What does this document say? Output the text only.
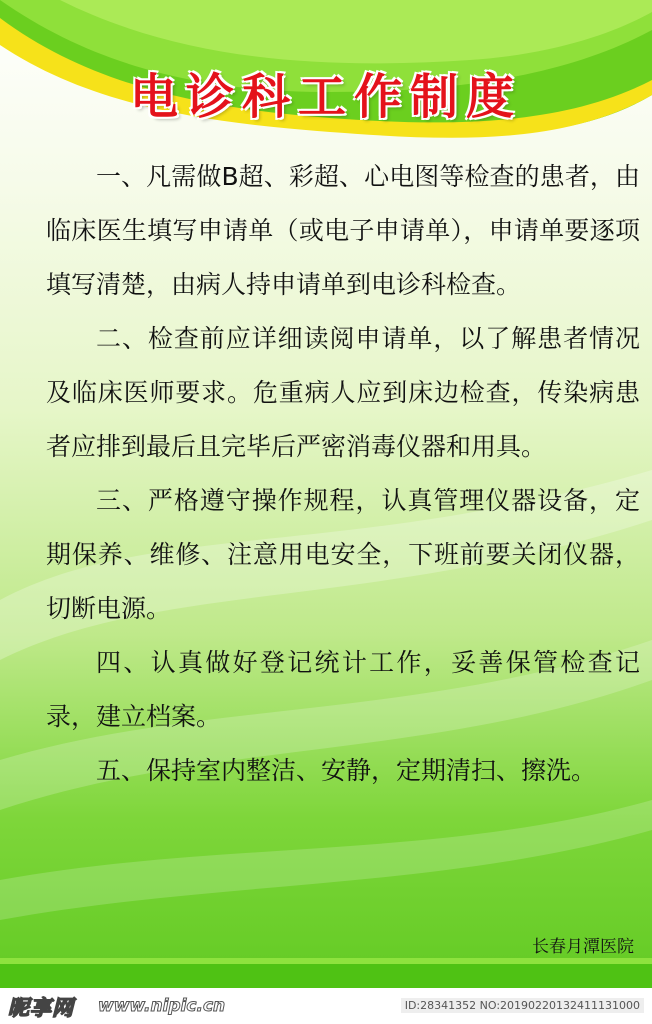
电诊科工作制度

一、凡需做B超、彩超、心电图等检查的患者，由临床医生填写申请单（或电子申请单），申请单要逐项填写清楚，由病人持申请单到电诊科检查。

二、检查前应详细读阅申请单，以了解患者情况及临床医师要求。危重病人应到床边检查，传染病患者应排到最后且完毕后严密消毒仪器和用具。

三、严格遵守操作规程，认真管理仪器设备，定期保养、维修、注意用电安全，下班前要关闭仪器，切断电源。

四、认真做好登记统计工作，妥善保管检查记录，建立档案。

五、保持室内整洁、安静，定期清扫、擦洗。

长春月潭医院
昵享网 www.nipic.cn	ID:28341352 NO:20190220132411131000
